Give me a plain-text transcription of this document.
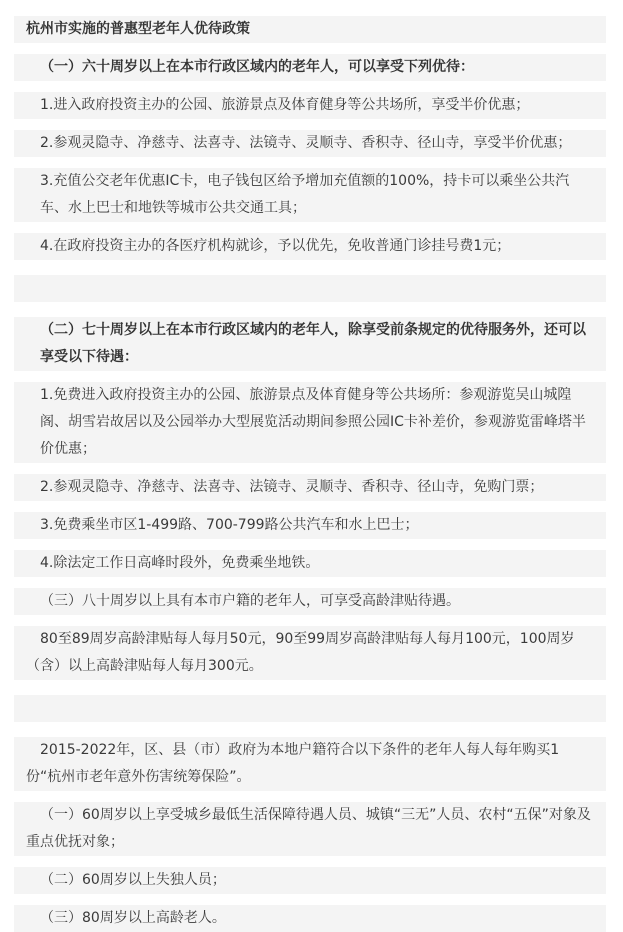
杭州市实施的普惠型老年人优待政策
（一）六十周岁以上在本市行政区域内的老年人，可以享受下列优待：
1.进入政府投资主办的公园、旅游景点及体育健身等公共场所，享受半价优惠；
2.参观灵隐寺、净慈寺、法喜寺、法镜寺、灵顺寺、香积寺、径山寺，享受半价优惠；
3.充值公交老年优惠IC卡，电子钱包区给予增加充值额的100%，持卡可以乘坐公共汽车、水上巴士和地铁等城市公共交通工具；
4.在政府投资主办的各医疗机构就诊，予以优先，免收普通门诊挂号费1元；
（二）七十周岁以上在本市行政区域内的老年人，除享受前条规定的优待服务外，还可以享受以下待遇：
1.免费进入政府投资主办的公园、旅游景点及体育健身等公共场所：参观游览吴山城隍阁、胡雪岩故居以及公园举办大型展览活动期间参照公园IC卡补差价，参观游览雷峰塔半价优惠；
2.参观灵隐寺、净慈寺、法喜寺、法镜寺、灵顺寺、香积寺、径山寺，免购门票；
3.免费乘坐市区1-499路、700-799路公共汽车和水上巴士；
4.除法定工作日高峰时段外，免费乘坐地铁。
（三）八十周岁以上具有本市户籍的老年人，可享受高龄津贴待遇。
80至89周岁高龄津贴每人每月50元，90至99周岁高龄津贴每人每月100元，100周岁（含）以上高龄津贴每人每月300元。
2015-2022年，区、县（市）政府为本地户籍符合以下条件的老年人每人每年购买1份“杭州市老年意外伤害统筹保险”。
（一）60周岁以上享受城乡最低生活保障待遇人员、城镇“三无”人员、农村“五保”对象及重点优抚对象；
（二）60周岁以上失独人员；
（三）80周岁以上高龄老人。
